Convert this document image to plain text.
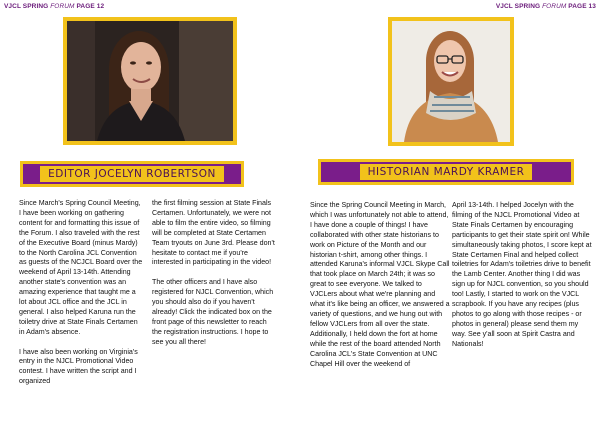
VJCL SPRING FORUM PAGE 12
EDITOR JOCELYN ROBERTSON

Since March's Spring Council Meeting, I have been working on gathering content for and formatting this issue of the Forum. I also traveled with the rest of the Executive Board (minus Mardy) to the North Carolina JCL Convention as guests of the NCJCL Board over the weekend of April 13-14th. Attending another state's convention was an amazing experience that taught me a lot about JCL office and the JCL in general. I also helped Karuna run the toiletry drive at State Finals Certamen in Adam's absence.

I have also been working on Virginia's entry in the NJCL Promotional Video contest. I have written the script and I organized

the first filming session at State Finals Certamen. Unfortunately, we were not able to film the entire video, so filming will be completed at State Certamen Team tryouts on June 3rd. Please don't hesitate to contact me if you're interested in participating in the video!

The other officers and I have also registered for NJCL Convention, which you should also do if you haven't already! Click the indicated box on the front page of this newsletter to reach the registration instructions. I hope to see you all there!

VJCL SPRING FORUM PAGE 13
HISTORIAN MARDY KRAMER

Since the Spring Council Meeting in March, which I was unfortunately not able to attend, I have done a couple of things! I have collaborated with other state historians to work on Picture of the Month and our historian t-shirt, among other things. I attended Karuna's informal VJCL Skype Call that took place on March 24th; it was so great to see everyone. We talked to VJCLers about what we're planning and what it's like being an officer, we answered a variety of questions, and we hung out with fellow VJCLers from all over the state. Additionally, I held down the fort at home while the rest of the board attended North Carolina JCL's State Convention at UNC Chapel Hill over the weekend of

April 13-14th. I helped Jocelyn with the filming of the NJCL Promotional Video at State Finals Certamen by encouraging participants to get their state spirit on! While simultaneously taking photos, I score kept at State Certamen Final and helped collect toiletries for Adam's toiletries drive to benefit the Lamb Center. Another thing I did was sign up for NJCL convention, so you should too! Lastly, I started to work on the VJCL scrapbook. If you have any recipes (plus photos to go along with those recipes - or photos in general) please send them my way. See y'all soon at Spirit Castra and Nationals!
